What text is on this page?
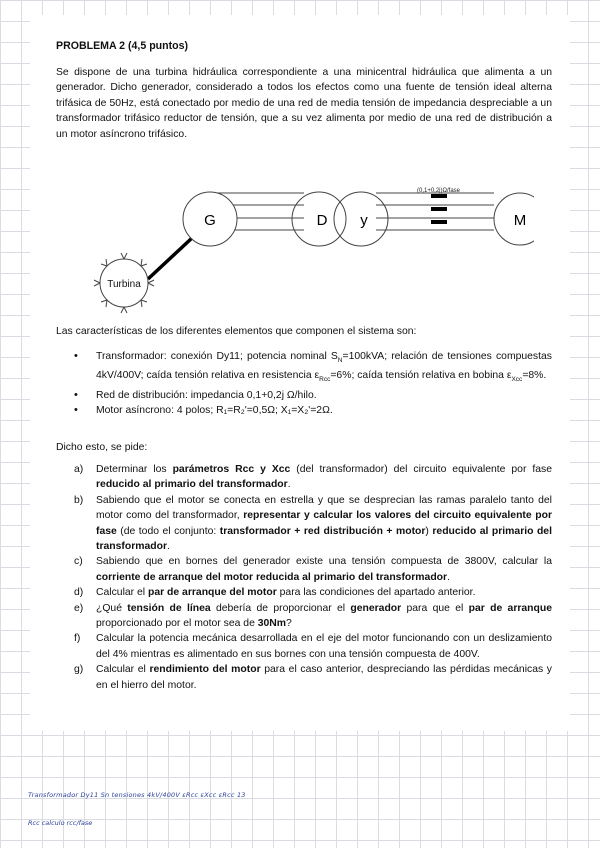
PROBLEMA 2 (4,5 puntos)
Se dispone de una turbina hidráulica correspondiente a una minicentral hidráulica que alimenta a un generador. Dicho generador, considerado a todos los efectos como una fuente de tensión ideal alterna trifásica de 50Hz, está conectado por medio de una red de media tensión de impedancia despreciable a un transformador trifásico reductor de tensión, que a su vez alimenta por medio de una red de distribución a un motor asíncrono trifásico.
(0,1+0,2j)Ω/fase
G	D y	M
Turbina
Las características de los diferentes elementos que componen el sistema son:
• Transformador: conexión Dy11; potencia nominal $S_N=100kVA$; relación de tensiones compuestas 4kV/400V; caída tensión relativa en resistencia $\varepsilon_{Rcc}=6\%$; caída tensión relativa en bobina $\varepsilon_{Xcc}=8\%$.
• Red de distribución: impedancia 0,1+0,2j Ω/hilo.
• Motor asíncrono: 4 polos; R₁=R₂'=0,5Ω; X₁=X₂'=2Ω.
Dicho esto, se pide:
a) Determinar los parámetros Rcc y Xcc (del transformador) del circuito equivalente por fase reducido al primario del transformador.
b) Sabiendo que el motor se conecta en estrella y que se desprecian las ramas paralelo tanto del motor como del transformador, representar y calcular los valores del circuito equivalente por fase (de todo el conjunto: transformador + red distribución + motor) reducido al primario del transformador.
c) Sabiendo que en bornes del generador existe una tensión compuesta de 3800V, calcular la corriente de arranque del motor reducida al primario del transformador.
d) Calcular el par de arranque del motor para las condiciones del apartado anterior.
e) ¿Qué tensión de línea debería de proporcionar el generador para que el par de arranque proporcionado por el motor sea de 30Nm?
f) Calcular la potencia mecánica desarrollada en el eje del motor funcionando con un deslizamiento del 4% mientras es alimentado en sus bornes con una tensión compuesta de 400V.
g) Calcular el rendimiento del motor para el caso anterior, despreciando las pérdidas mecánicas y en el hierro del motor.
Transformador Dy11 Sn tensiones 4kV/400V εRcc εXcc εRcc 13
Rcc calculo rcc/fase
